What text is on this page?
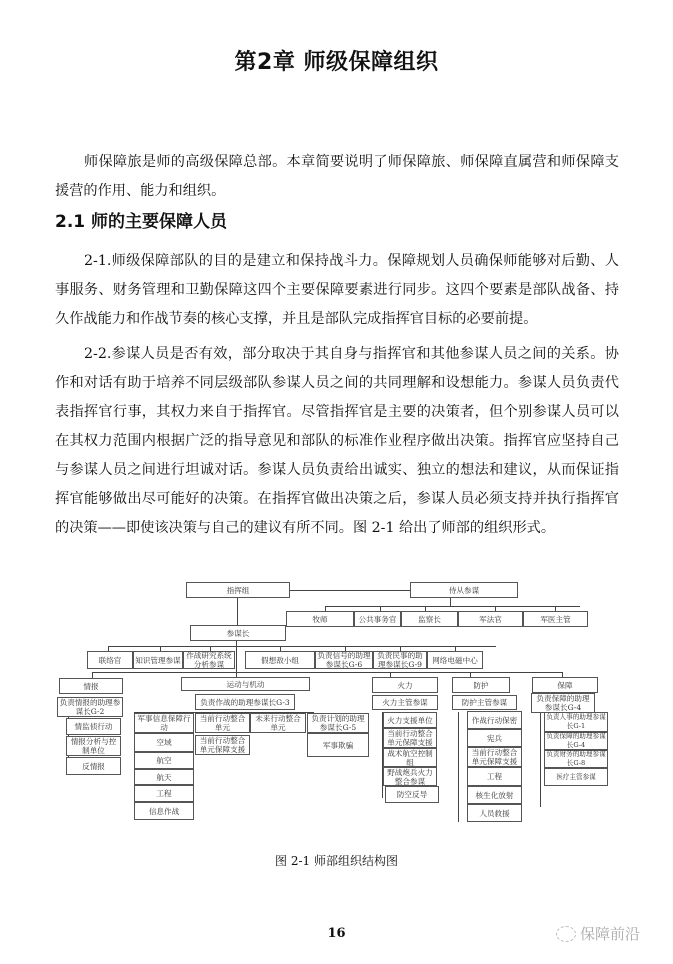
第2章 师级保障组织
师保障旅是师的高级保障总部。本章简要说明了师保障旅、师保障直属营和师保障支援营的作用、能力和组织。
2.1 师的主要保障人员
2-1.师级保障部队的目的是建立和保持战斗力。保障规划人员确保师能够对后勤、人事服务、财务管理和卫勤保障这四个主要保障要素进行同步。这四个要素是部队战备、持久作战能力和作战节奏的核心支撑，并且是部队完成指挥官目标的必要前提。
2-2.参谋人员是否有效，部分取决于其自身与指挥官和其他参谋人员之间的关系。协作和对话有助于培养不同层级部队参谋人员之间的共同理解和设想能力。参谋人员负责代表指挥官行事，其权力来自于指挥官。尽管指挥官是主要的决策者，但个别参谋人员可以在其权力范围内根据广泛的指导意见和部队的标准作业程序做出决策。指挥官应坚持自己与参谋人员之间进行坦诚对话。参谋人员负责给出诚实、独立的想法和建议，从而保证指挥官能够做出尽可能好的决策。在指挥官做出决策之后，参谋人员必须支持并执行指挥官的决策——即使该决策与自己的建议有所不同。图 2-1 给出了师部的组织形式。
指挥组	侍从参谋
牧师	公共事务官	监察长	军法官	军医主管
参谋长
联络官	知识管理参谋 作战研究系统分析参谋	假想敌小组	负责信号的助理参谋长G-6
负责民事的助理参谋长G-9	网络电磁中心
情报
负责情报的助理参谋长G-2
情监侦行动
情报分析与控制单位
反情报
运动与机动
负责作战的助理参谋长G-3
军事信息保障行动
空域
航空
航天
工程
信息作战
当前行动整合单元
当前行动整合单元保障支援
未来行动整合单元
负责计划的助理参谋长G-5
军事欺骗
火力
火力主管参谋
火力支援单位
当前行动整合单元保障支援
战术航空控制组
野战炮兵火力整合参谋
防空反导
防护
防护主管参谋
作战行动保密
宪兵
当前行动整合单元保障支援
工程
核生化放射
人员救援
保障
负责保障的助理参谋长G-4
负责人事的助理参谋长G-1
负责保障的助理参谋长G-4
负责财务的助理参谋长G-8
医疗主管参谋
图 2-1 师部组织结构图
16	保障前沿
